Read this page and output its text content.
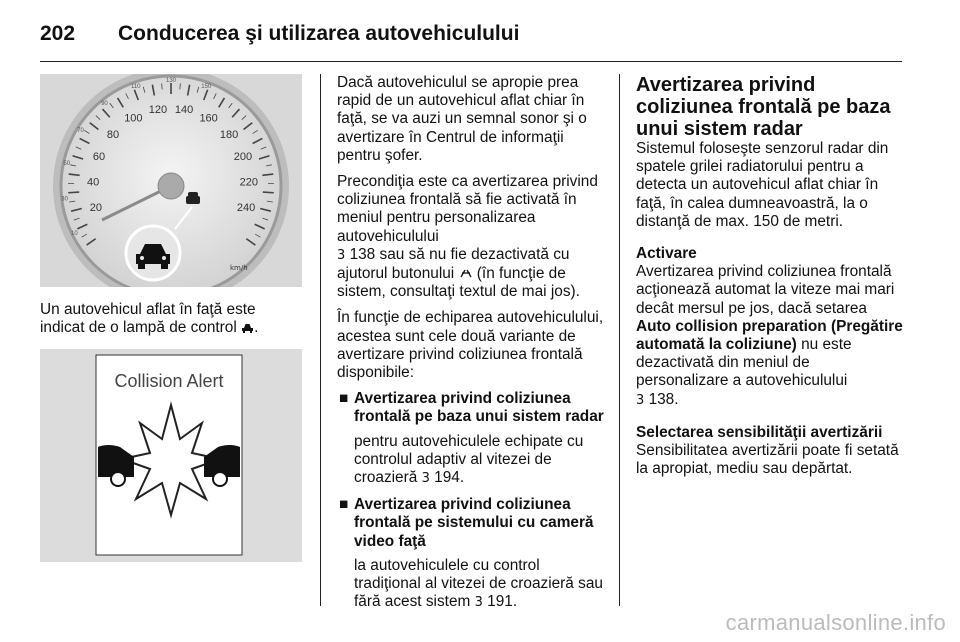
202 Conducerea şi utilizarea autovehiculului
20
40
60
80
100
120 140
160
180
200
220
240
10
30
50
70
90
110
130
150
km/h

Un autovehicul aflat în faţă este indicat de o lampă de control .

Collision Alert

Dacă autovehiculul se apropie prea rapid de un autovehicul aflat chiar în faţă, se va auzi un semnal sonor şi o avertizare în Centrul de informaţii pentru şofer.

Precondiţia este ca avertizarea privind coliziunea frontală să fie activată în meniul pentru personalizarea autovehiculului
3 138 sau să nu fie dezactivată cu ajutorul butonului (în funcţie de sistem, consultaţi textul de mai jos).

În funcţie de echiparea autovehiculului, acestea sunt cele două variante de avertizare privind coliziunea frontală disponibile:

■ Avertizarea privind coliziunea frontală pe baza unui sistem radar

pentru autovehiculele echipate cu controlul adaptiv al vitezei de croazieră 3 194.

■ Avertizarea privind coliziunea frontală pe sistemului cu cameră video faţă

la autovehiculele cu control tradiţional al vitezei de croazieră sau fără acest sistem 3 191.

Avertizarea privind coliziunea frontală pe baza unui sistem radar

Sistemul foloseşte senzorul radar din spatele grilei radiatorului pentru a detecta un autovehicul aflat chiar în faţă, în calea dumneavoastră, la o distanţă de max. 150 de metri.

Activare

Avertizarea privind coliziunea frontală acţionează automat la viteze mai mari decât mersul pe jos, dacă setarea Auto collision preparation (Pregătire automată la coliziune) nu este dezactivată din meniul de personalizare a autovehiculului
3 138.

Selectarea sensibilităţii avertizării

Sensibilitatea avertizării poate fi setată la apropiat, mediu sau depărtat.

carmanualsonline.info
